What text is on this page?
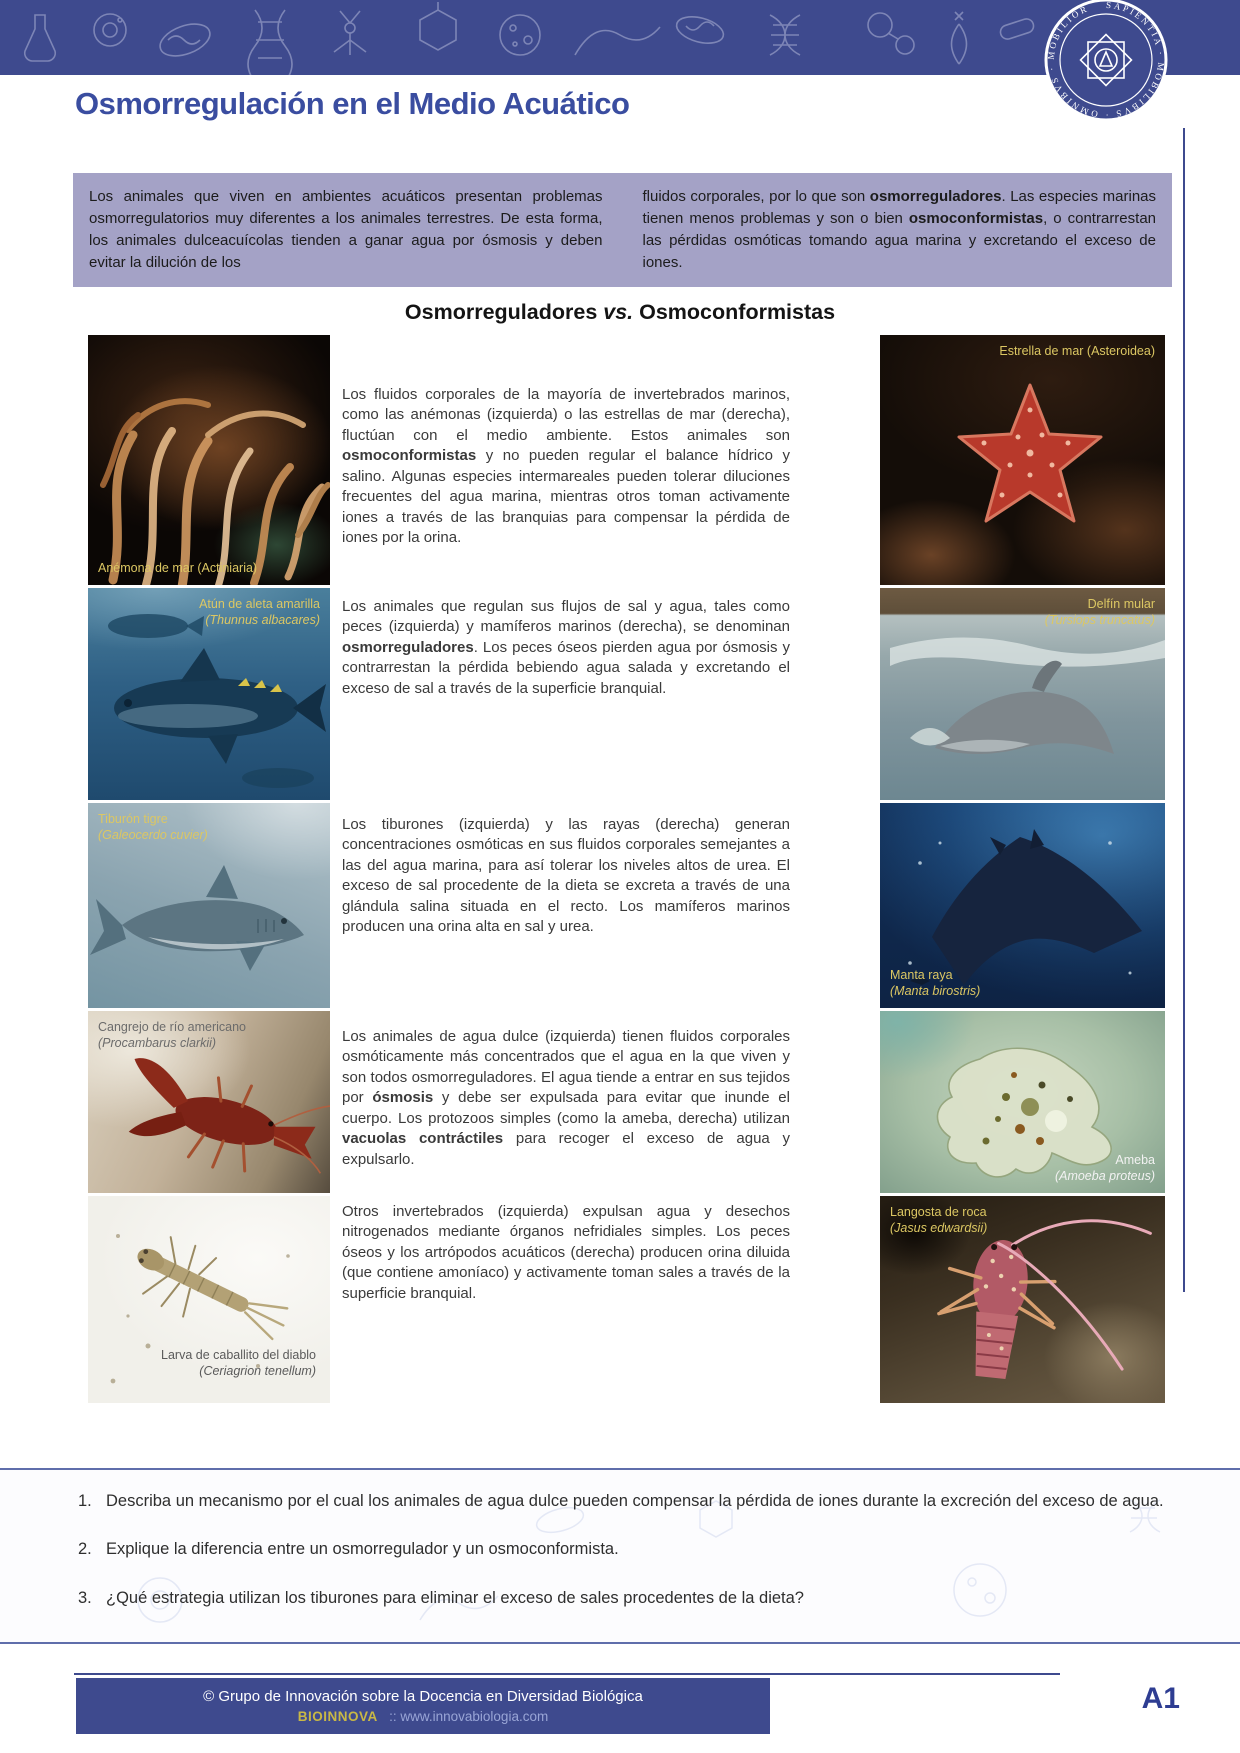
SAPIENTIA · MOBILIBVS · OMNIBVS · MOBILIOR
Osmorregulación en el Medio Acuático
Los animales que viven en ambientes acuáticos presentan problemas osmorregulatorios muy diferentes a los animales terrestres. De esta forma, los animales dulceacuícolas tienden a ganar agua por ósmosis y deben evitar la dilución de los
fluidos corporales, por lo que son osmorreguladores. Las especies marinas tienen menos problemas y son o bien osmoconformistas, o contrarrestan las pérdidas osmóticas tomando agua marina y excretando el exceso de iones.
Osmorreguladores vs. Osmoconformistas
Anémona de mar (Actiniaria)
Los fluidos corporales de la mayoría de invertebrados marinos, como las anémonas (izquierda) o las estrellas de mar (derecha), fluctúan con el medio ambiente. Estos animales son osmoconformistas y no pueden regular el balance hídrico y salino. Algunas especies intermareales pueden tolerar diluciones frecuentes del agua marina, mientras otros toman activamente iones a través de las branquias para compensar la pérdida de iones por la orina.
Estrella de mar (Asteroidea)
Atún de aleta amarilla
(Thunnus albacares)
Los animales que regulan sus flujos de sal y agua, tales como peces (izquierda) y mamíferos marinos (derecha), se denominan osmorreguladores. Los peces óseos pierden agua por ósmosis y contrarrestan la pérdida bebiendo agua salada y excretando el exceso de sal a través de la superficie branquial.
Delfín mular
(Tursiops truncatus)
Tiburón tigre
(Galeocerdo cuvier)
Los tiburones (izquierda) y las rayas (derecha) generan concentraciones osmóticas en sus fluidos corporales semejantes a las del agua marina, para así tolerar los niveles altos de urea. El exceso de sal procedente de la dieta se excreta a través de una glándula salina situada en el recto. Los mamíferos marinos producen una orina alta en sal y urea.
Manta raya
(Manta birostris)
Cangrejo de río americano
(Procambarus clarkii)	Los animales de agua dulce (izquierda) tienen fluidos corporales osmóticamente más concentrados que el agua en la que viven y son todos osmorreguladores. El agua tiende a entrar en sus tejidos por ósmosis y debe ser expulsada para evitar que inunde el cuerpo. Los protozoos simples (como la ameba, derecha) utilizan vacuolas contráctiles para recoger el exceso de agua y expulsarlo.	Ameba
(Amoeba proteus)
Larva de caballito del diablo
(Ceriagrion tenellum)
Otros invertebrados (izquierda) expulsan agua y desechos nitrogenados mediante órganos nefridiales simples. Los peces óseos y los artrópodos acuáticos (derecha) producen orina diluida (que contiene amoníaco) y activamente toman sales a través de la superficie branquial.
Langosta de roca
(Jasus edwardsii)
1. Describa un mecanismo por el cual los animales de agua dulce pueden compensar la pérdida de iones durante la excreción del exceso de agua.
2. Explique la diferencia entre un osmorregulador y un osmoconformista.
3. ¿Qué estrategia utilizan los tiburones para eliminar el exceso de sales procedentes de la dieta?
© Grupo de Innovación sobre la Docencia en Diversidad Biológica
BIOINNOVA :: www.innovabiologia.com
A1
